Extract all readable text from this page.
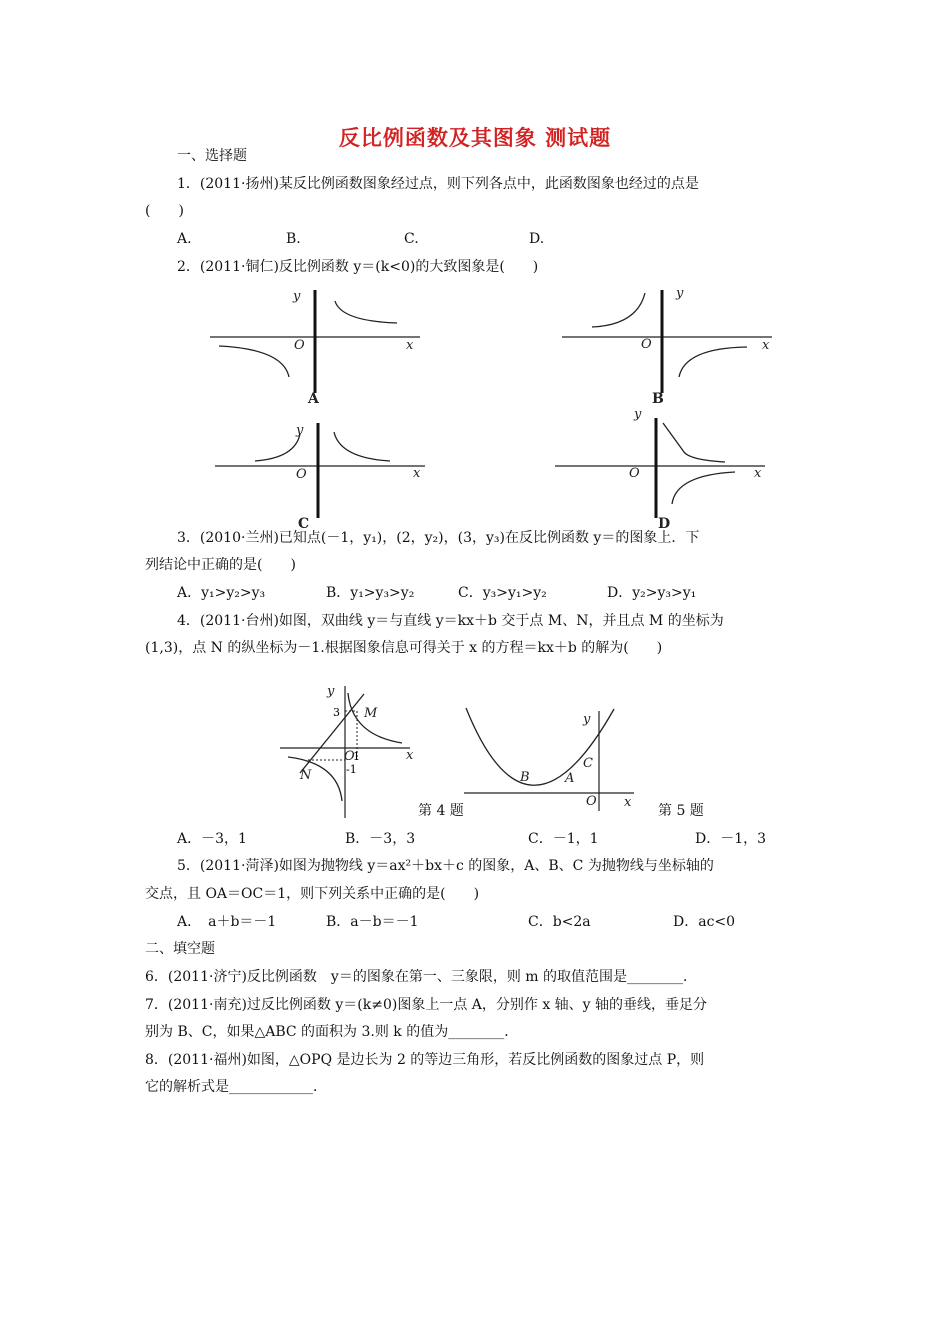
反比例函数及其图象 测试题
一、选择题
1．(2011·扬州)某反比例函数图象经过点，则下列各点中，此函数图象也经过的点是
(　　)
A.	B.	C.	D.
2．(2011·铜仁)反比例函数 y＝(k<0)的大致图象是(　　)
y
x
O
A
y
x
O
B
y
x
O
C
y
x
O
D
3．(2010·兰州)已知点(－1，y₁)，(2，y₂)，(3，y₃)在反比例函数 y＝的图象上．下
列结论中正确的是(　　)
A．y₁>y₂>y₃	B．y₁>y₃>y₂	C．y₃>y₁>y₂	D．y₂>y₃>y₁
4．(2011·台州)如图，双曲线 y＝与直线 y＝kx＋b 交于点 M、N，并且点 M 的坐标为
(1,3)，点 N 的纵坐标为－1.根据图象信息可得关于 x 的方程＝kx＋b 的解为(　　)
y
x
3 M
N
O
1
-1
y
x
C
A
B
O
第 4 题	第 5 题
A．－3，1	B．－3，3	C．－1，1	D．－1，3
5．(2011·菏泽)如图为抛物线 y＝ax²＋bx＋c 的图象，A、B、C 为抛物线与坐标轴的
交点，且 OA＝OC＝1，则下列关系中正确的是(　　)
A．　a＋b＝－1	B．a－b＝－1	C．b<2a	D．ac<0
二、填空题
6．(2011·济宁)反比例函数　y＝的图象在第一、三象限，则 m 的取值范围是________．
7．(2011·南充)过反比例函数 y＝(k≠0)图象上一点 A，分别作 x 轴、y 轴的垂线，垂足分
别为 B、C，如果△ABC 的面积为 3.则 k 的值为________．
8．(2011·福州)如图，△OPQ 是边长为 2 的等边三角形，若反比例函数的图象过点 P，则
它的解析式是____________．
